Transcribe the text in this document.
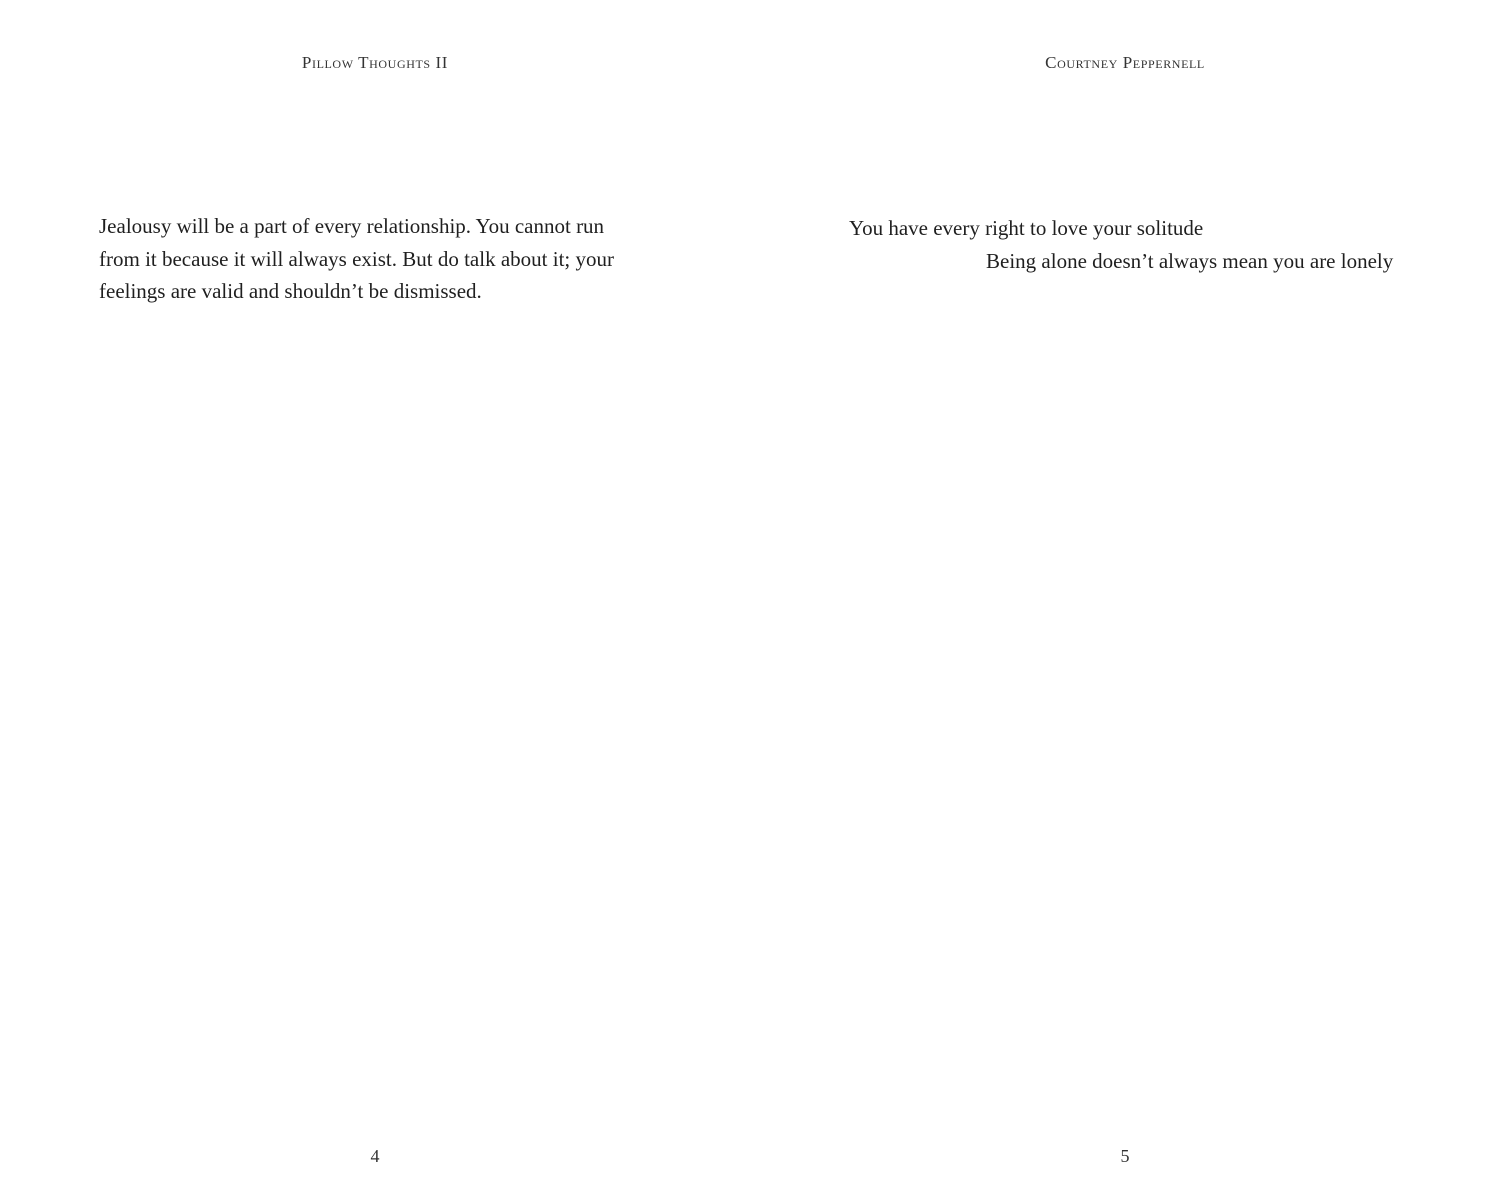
Pillow Thoughts II

Jealousy will be a part of every relationship. You cannot run from it because it will always exist. But do talk about it; your feelings are valid and shouldn’t be dismissed.

4
Courtney Peppernell
You have every right to love your solitude
Being alone doesn’t always mean you are lonely
5
